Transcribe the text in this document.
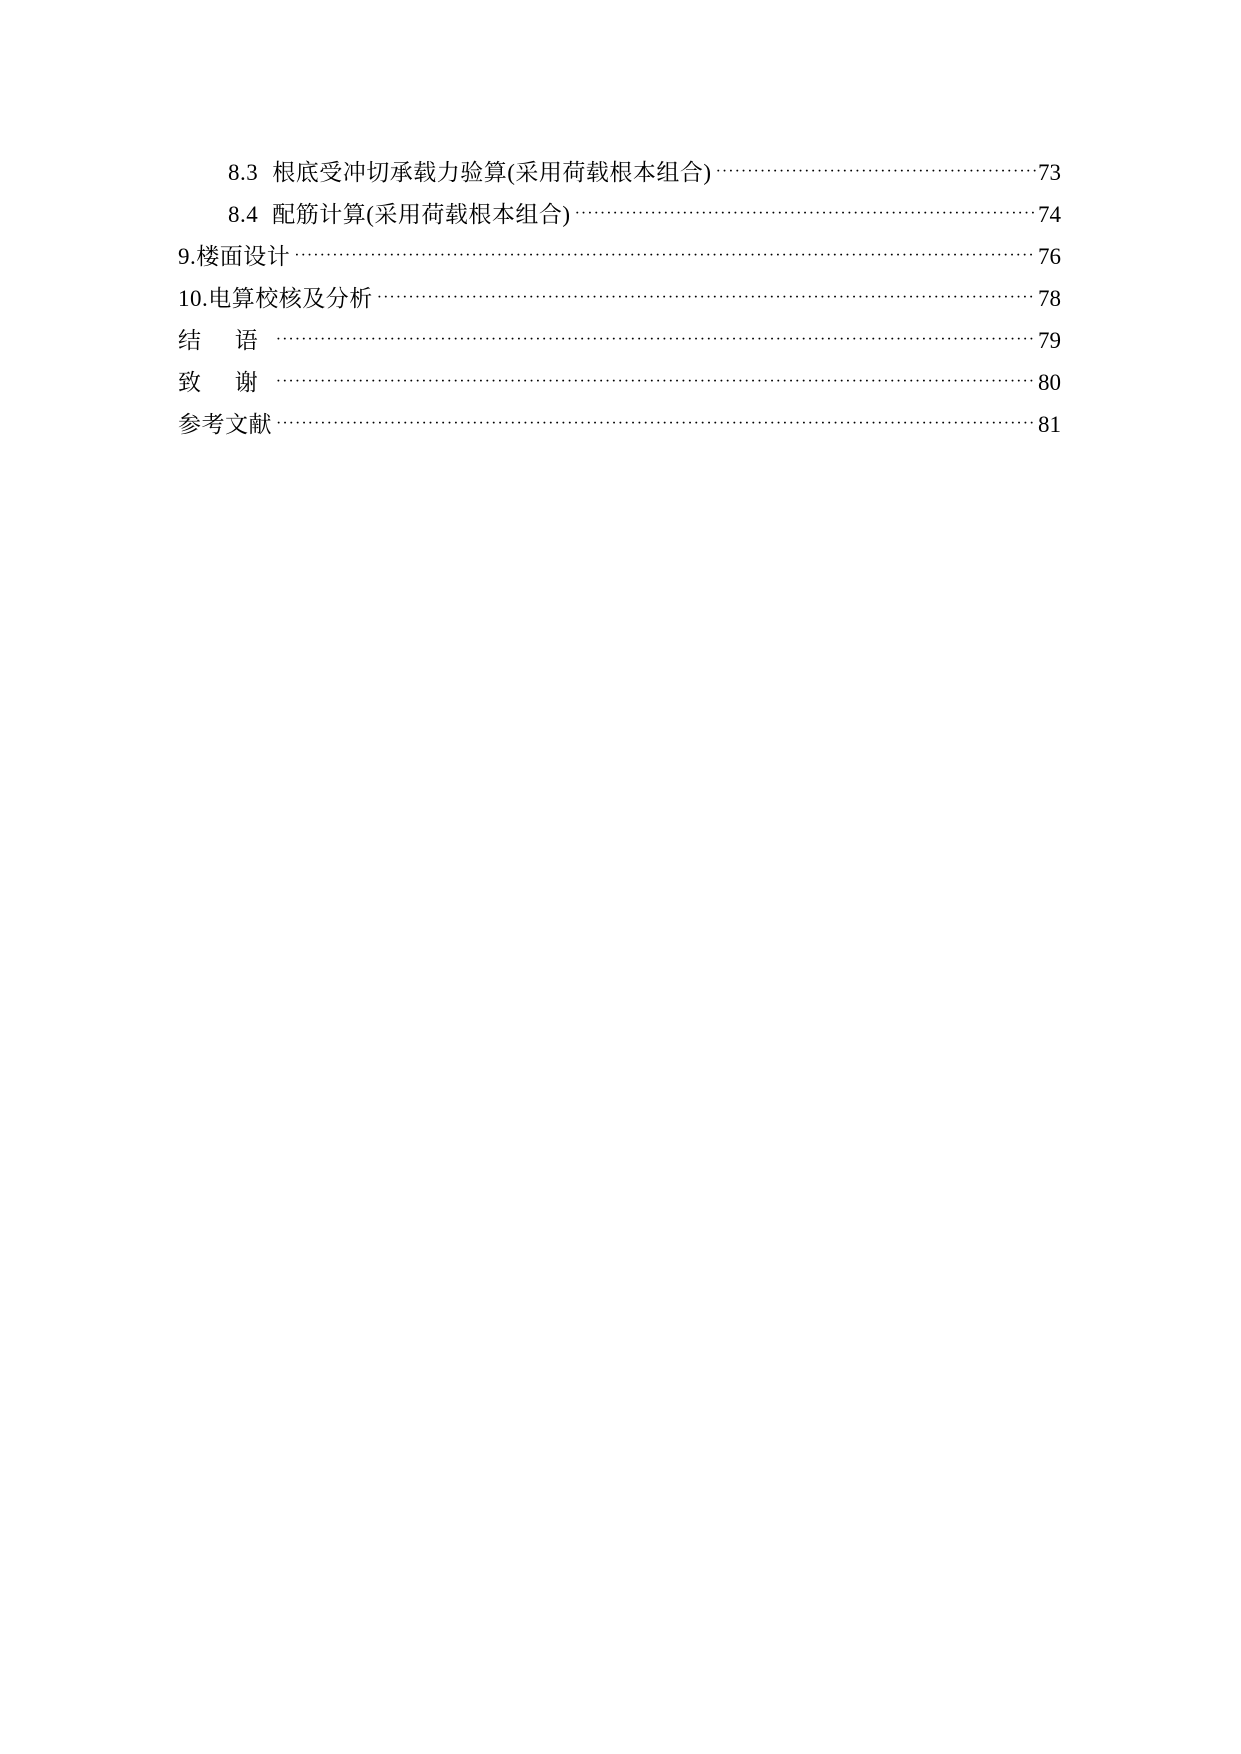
8.3 根底受冲切承载力验算(采用荷载根本组合) ·····	73
8.4 配筋计算(采用荷载根本组合) ·····	74
9.楼面设计 ·····	76
10.电算校核及分析 ·····	78
结 语 ·····	79
致 谢 ·····	80
参考文献 ·····	81
